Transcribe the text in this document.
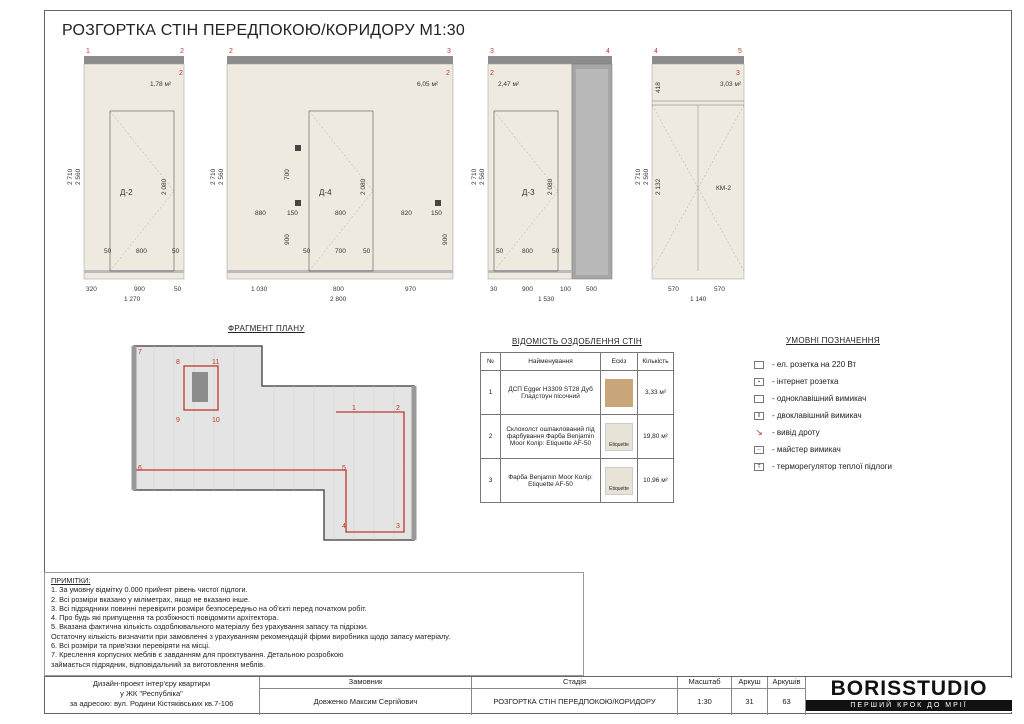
РОЗГОРТКА СТІН ПЕРЕДПОКОЮ/КОРИДОРУ М1:30
1	2
2
1,78 м²
Д-2
320	900	50
1 270
50	800	50
2 710 2 560
2 080
2	3
2
6,05 м²
Д-4
1 030	800	970
2 800
880	150	800	820	150
50	700	50
2 710 2 560	700
900	900
2 080
3	4
2
2,47 м²
Д-3
30	900	100 500
1 530
50	800	50
2 710 2 560
2 080
4	5
3
3,03 м²
КМ-2
570	570
1 140
2 710 2 560
418
2 132
ФРАГМЕНТ ПЛАНУ
7
8	11
9	10
1	2
3
4
5
6
ВІДОМІСТЬ ОЗДОБЛЕННЯ СТІН
№	Найменування	Ескіз	Кількість
1	ДСП Egger H3309 ST28 Дуб Гладстоун пісочний		3,33 м²
2	Склохолст ошпаклований під фарбування Фарба Benjamin Moor Колір: Etiquette AF-50	Etiquette	19,80 м²
3	Фарба Benjamin Moor Колір: Etiquette AF-50	Etiquette	10,96 м²
УМОВНІ ПОЗНАЧЕННЯ
- ел. розетка на 220 Вт
▪	- інтернет розетка
- одноклавішний вимикач
‖	- двоклавішний вимикач
↘ - вивід дроту
◦◦	- майстер вимикач
T	- терморегулятор теплої підлоги
ПРИМІТКИ:
1. За умовну відмітку 0.000 прийнят рівень чистої підлоги.
2. Всі розміри вказано у міліметрах, якщо не вказано інше.
3. Всі підрядники повинні перевірити розміри безпосередньо на об'єкті перед початком робіт.
4. Про будь які припущення та розбіжності повідомити архітектора.
5. Вказана фактична кількість оздоблювального матеріалу без урахування запасу та підрізки.
Остаточну кількість визначити при замовленні з урахуванням рекомендацій фірми виробника щодо запасу матеріалу.
6. Всі розміри та прив'язки перевіряти на місці.
7. Креслення корпусних меблів є завданням для проєктування. Детальною розробкою
займається підрядник, відповідальний за виготовлення меблів.
Дизайн-проект інтер'єру квартири
у ЖК "Республіка"
за адресою: вул. Родини Кістяківських кв.7-106
Замовник
Довженко Максим Сергійович
Стадія
РОЗГОРТКА СТІН ПЕРЕДПОКОЮ/КОРИДОРУ
Масштаб
1:30
Аркуш
31
Аркушів
63
BORISSTUDIO
ПЕРШИЙ КРОК ДО МРІЇ
